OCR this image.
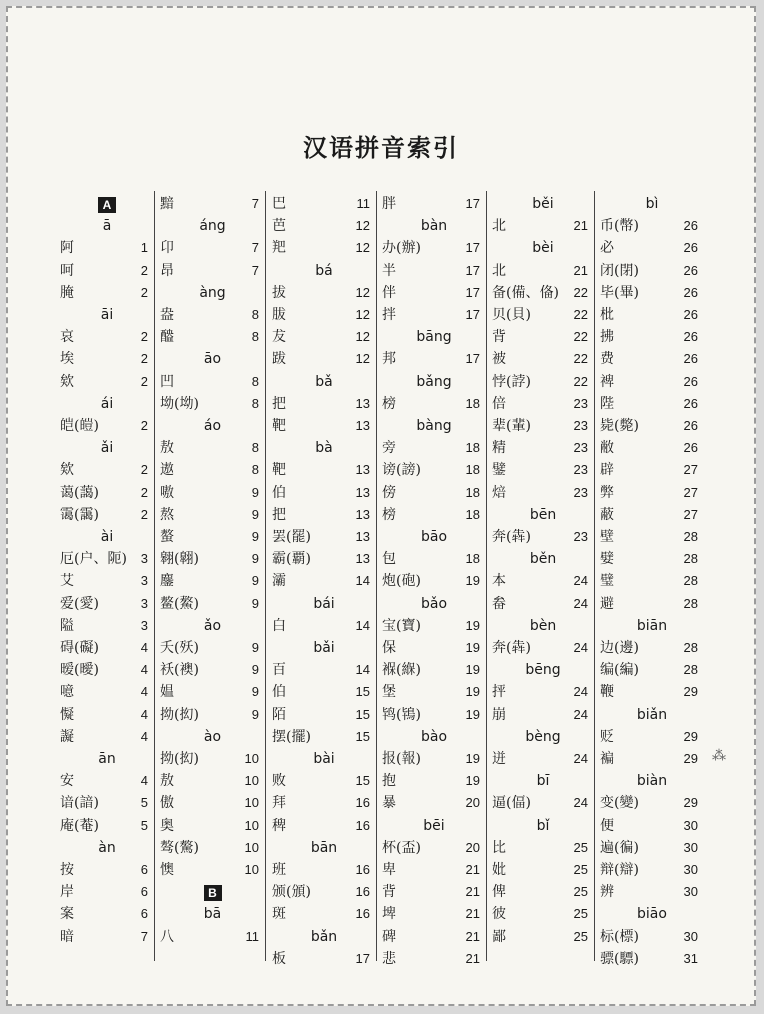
汉语拼音索引
A
ā
阿	1
呵	2
腌	2
āi
哀	2
埃	2
欸	2
ái
皑(皚)	2
ǎi
欸	2
蔼(藹)	2
霭(靄)	2
ài
厄(户、阨) 3
艾	3
爱(愛)	3
隘	3
碍(礙)	4
暧(曖)	4
噫	4
懝	4
譺	4
ān
安	4
谙(諳)	5
庵(菴)	5
àn
按	6
岸	6
案	6
暗	7
黯	7
áng
卬	7
昂	7
àng
盎	8
醠	8
āo
凹	8
坳(坳)	8
áo
敖	8
遨	8
嗷	9
熬	9
螯	9
翱(翺)	9
鏖	9
鳌(鰲)	9
ǎo
夭(殀)	9
袄(襖)	9
媪	9
拗(抝)	9
ào
拗(抝)	10
敖	10
傲	10
奥	10
骜(驁)	10
懊	10
B
bā
八	11
巴	11
芭	12
羓	12
bá
拔	12
胈	12
犮	12
跋	12
bǎ
把	13
靶	13
bà
靶	13
伯	13
把	13
罢(罷)	13
霸(覇)	13
灞	14
bái
白	14
bǎi
百	14
伯	15
陌	15
摆(擺)	15
bài
败	15
拜	16
稗	16
bān
班	16
颁(頒)	16
斑	16
bǎn
板	17
胖	17
bàn
办(辦)	17
半	17
伴	17
拌	17
bāng
邦	17
bǎng
榜	18
bàng
旁	18
谤(謗)	18
傍	18
榜	18
bāo
包	18
炮(砲)	19
bǎo
宝(寶)	19
保	19
褓(緥)	19
堡	19
鸨(鴇)	19
bào
报(報)	19
抱	19
暴	20
bēi
杯(盃)	20
卑	21
背	21
埤	21
碑	21
悲	21
běi
北	21
bèi
北	21
备(備、俻) 22
贝(貝)	22
背	22
被	22
悖(誖)	22
倍	23
辈(輩)	23
精	23
鐾	23
焙	23
bēn
奔(犇)	23
běn
本	24
畚	24
bèn
奔(犇)	24
bēng
抨	24
崩	24
bèng
迸	24
bī
逼(偪)	24
bǐ
比	25
妣	25
俾	25
彼	25
鄙	25
bì
币(幣)	26
必	26
闭(閉)	26
毕(畢)	26
枇	26
拂	26
费	26
裨	26
陛	26
毙(斃)	26
敝	26
辟	27
弊	27
蔽	27
壁	28
嬖	28
璧	28
避	28
biān
边(邊)	28
编(編)	28
鞭	29
biǎn
贬	29
褊	29
biàn
变(變)	29
便	30
遍(徧)	30
辩(辯)	30
辨	30
biāo
标(標)	30
骠(驃)	31
⁂
